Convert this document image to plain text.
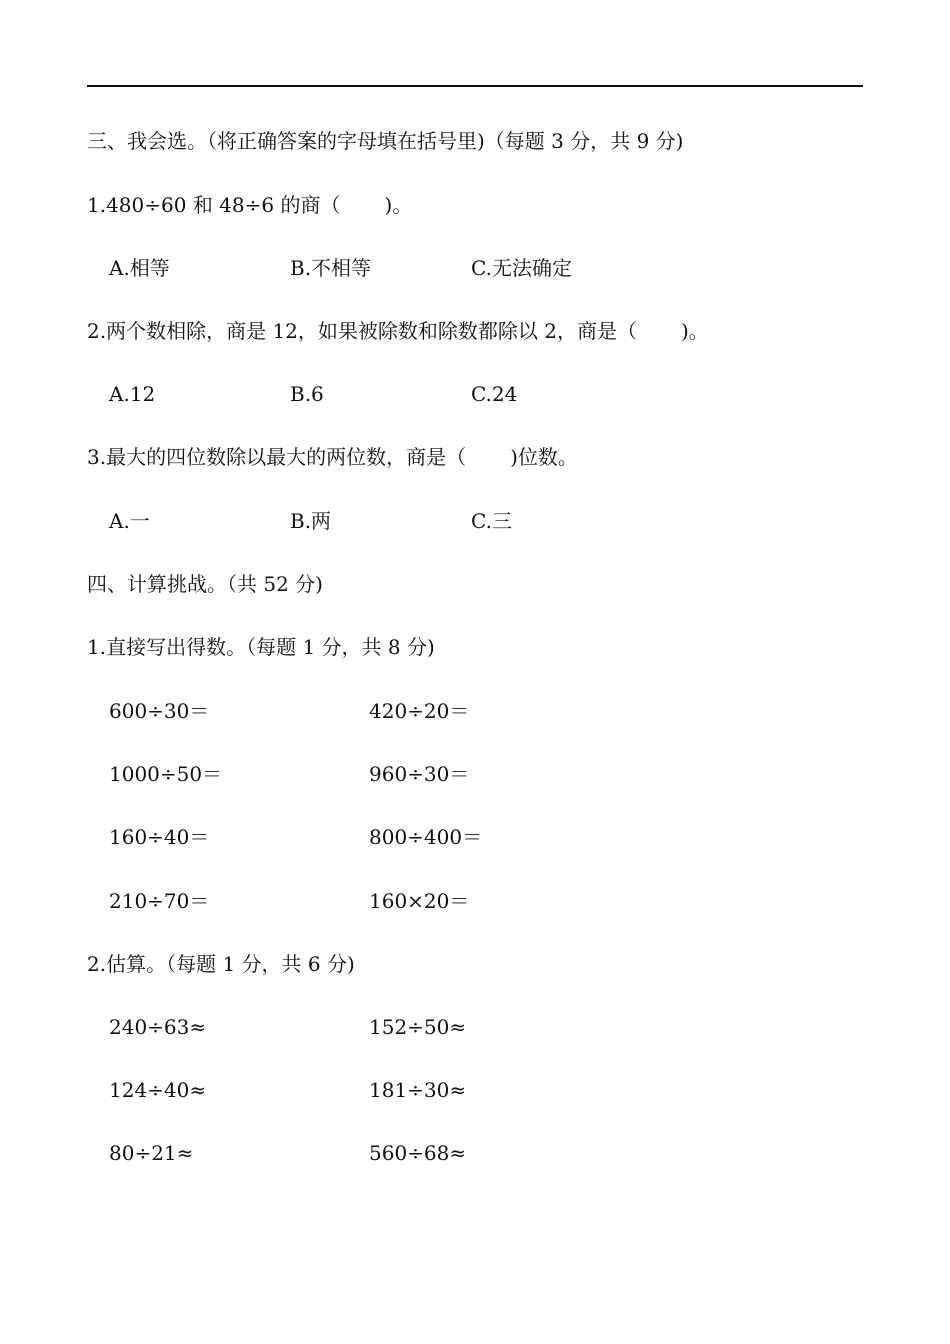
三、我会选。（将正确答案的字母填在括号里)（每题 3 分，共 9 分)
1.480÷60 和 48÷6 的商（ )。
A.相等	B.不相等	C.无法确定
2.两个数相除，商是 12，如果被除数和除数都除以 2，商是（ )。
A.12	B.6	C.24
3.最大的四位数除以最大的两位数，商是（ )位数。
A.一	B.两	C.三
四、计算挑战。（共 52 分)
1.直接写出得数。（每题 1 分，共 8 分)
600÷30＝	420÷20＝
1000÷50＝	960÷30＝
160÷40＝	800÷400＝
210÷70＝	160×20＝
2.估算。（每题 1 分，共 6 分)
240÷63≈	152÷50≈
124÷40≈	181÷30≈
80÷21≈	560÷68≈
